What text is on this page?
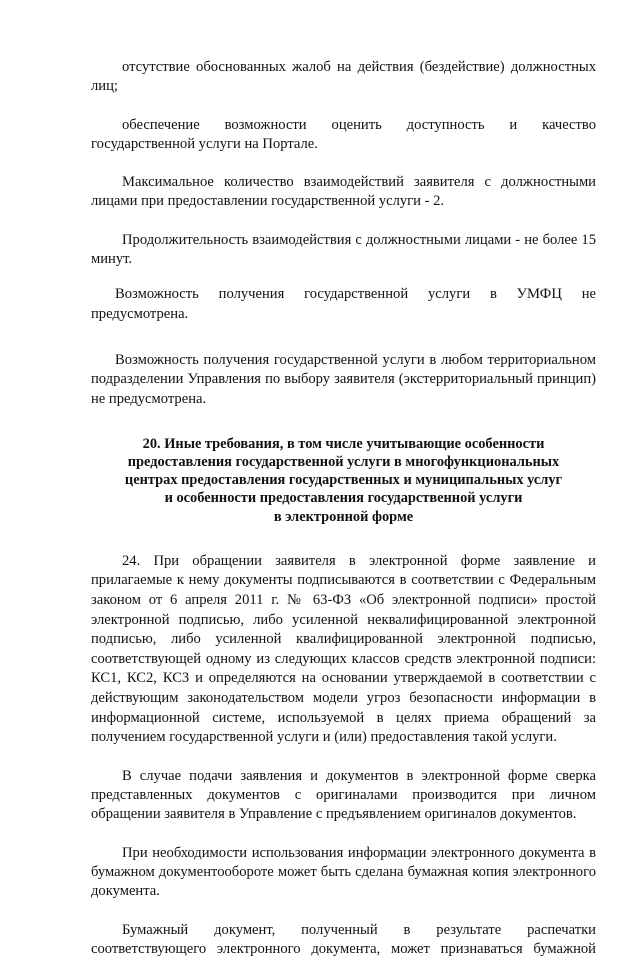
отсутствие обоснованных жалоб на действия (бездействие) должностных лиц;

обеспечение возможности оценить доступность и качество государственной услуги на Портале.

Максимальное количество взаимодействий заявителя с должностными лицами при предоставлении государственной услуги - 2.

Продолжительность взаимодействия с должностными лицами - не более 15 минут.

Возможность получения государственной услуги в УМФЦ не предусмотрена.

Возможность получения государственной услуги в любом территориальном подразделении Управления по выбору заявителя (экстерриториальный принцип) не предусмотрена.

20. Иные требования, в том числе учитывающие особенности
предоставления государственной услуги в многофункциональных
центрах предоставления государственных и муниципальных услуг
и особенности предоставления государственной услуги
в электронной форме

24. При обращении заявителя в электронной форме заявление и прилагаемые к нему документы подписываются в соответствии с Федеральным законом от 6 апреля 2011 г. № 63-ФЗ «Об электронной подписи» простой электронной подписью, либо усиленной неквалифицированной электронной подписью, либо усиленной квалифицированной электронной подписью, соответствующей одному из следующих классов средств электронной подписи: КС1, КС2, КС3 и определяются на основании утверждаемой в соответствии с действующим законодательством модели угроз безопасности информации в информационной системе, используемой в целях приема обращений за получением государственной услуги и (или) предоставления такой услуги.

В случае подачи заявления и документов в электронной форме сверка представленных документов с оригиналами производится при личном обращении заявителя в Управление с предъявлением оригиналов документов.

При необходимости использования информации электронного документа в бумажном документообороте может быть сделана бумажная копия электронного документа.

Бумажный документ, полученный в результате распечатки соответствующего электронного документа, может признаваться бумажной
